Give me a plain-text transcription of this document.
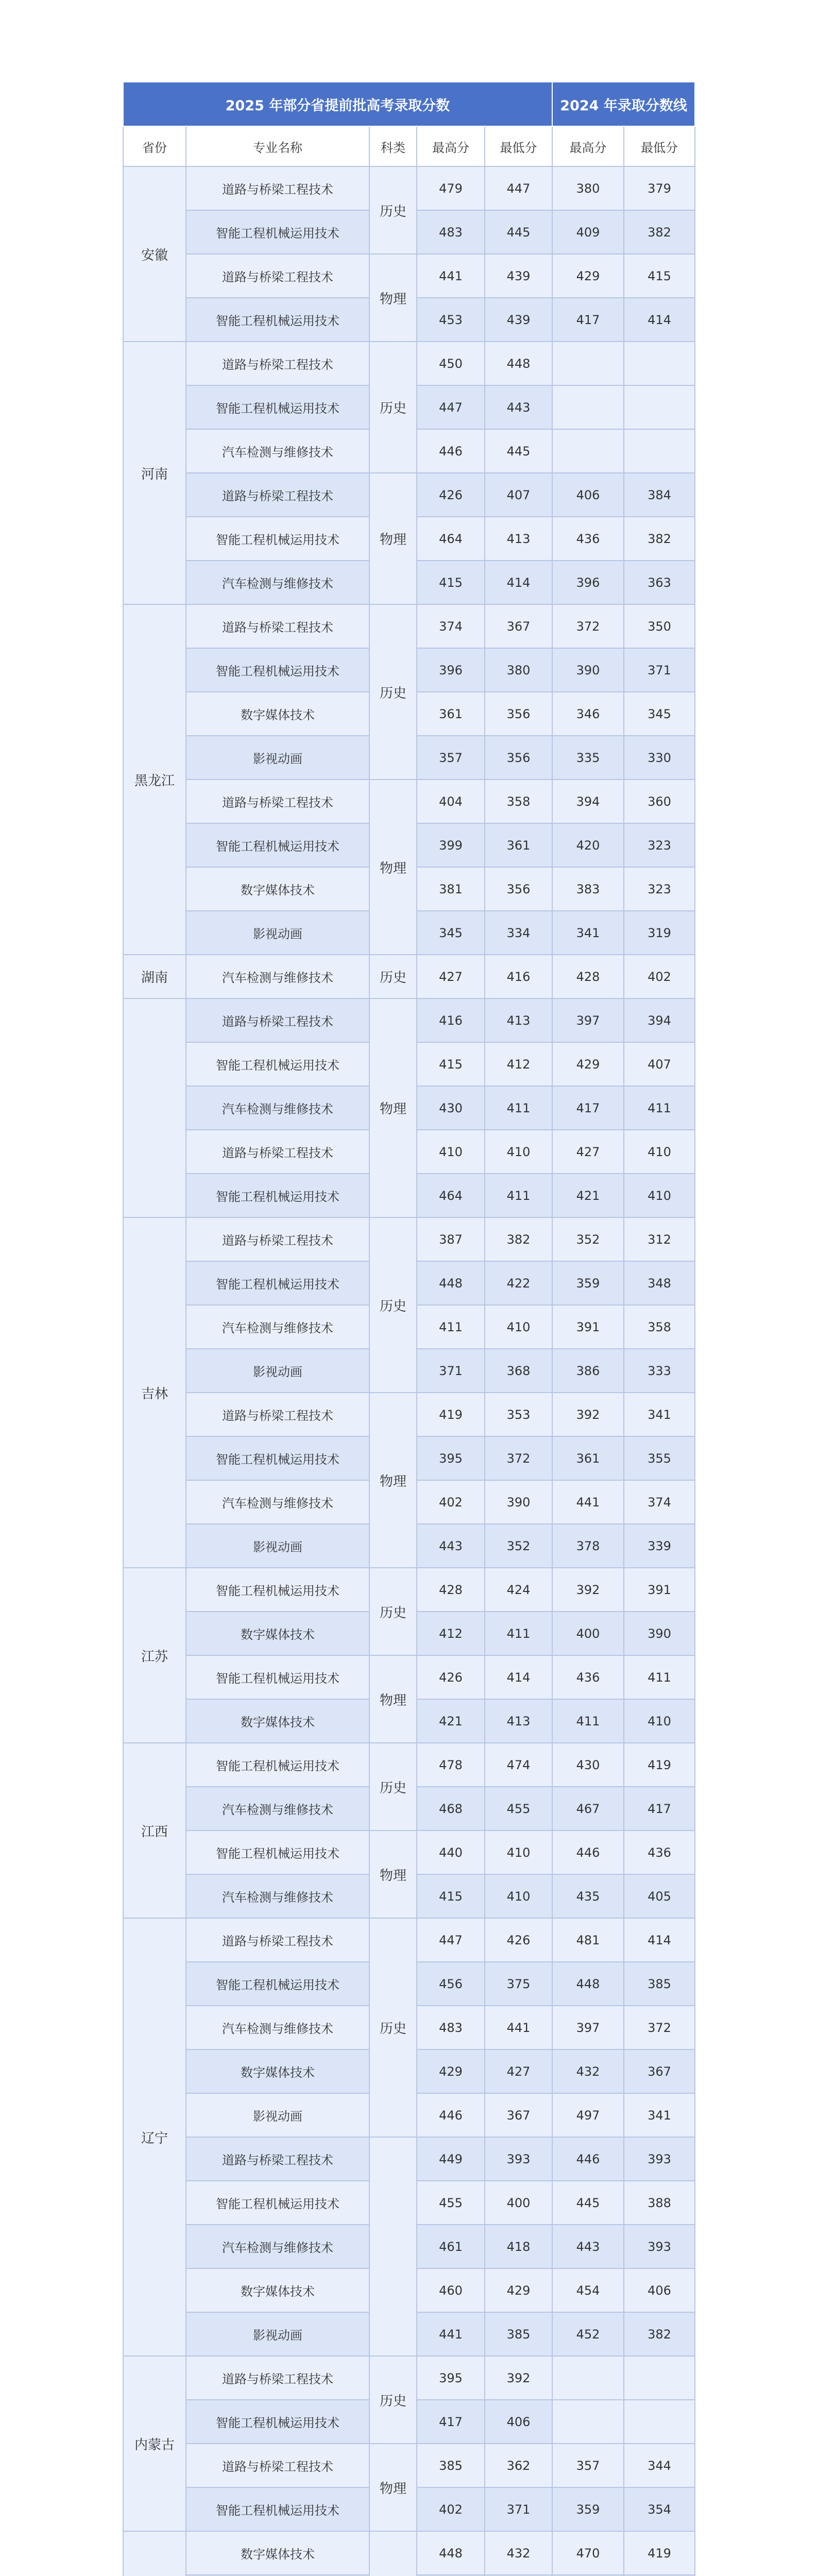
2025 年部分省提前批高考录取分数					2024 年录取分数线	
省份	专业名称	科类	最高分	最低分	最高分	最低分
安徽	道路与桥梁工程技术	历史	479	447	380	379
	智能工程机械运用技术		483	445	409	382
	道路与桥梁工程技术	物理	441	439	429	415
	智能工程机械运用技术		453	439	417	414
河南	道路与桥梁工程技术	历史	450	448		
	智能工程机械运用技术		447	443		
	汽车检测与维修技术		446	445		
	道路与桥梁工程技术	物理	426	407	406	384
	智能工程机械运用技术		464	413	436	382
	汽车检测与维修技术		415	414	396	363
黑龙江	道路与桥梁工程技术	历史	374	367	372	350
	智能工程机械运用技术		396	380	390	371
	数字媒体技术		361	356	346	345
	影视动画		357	356	335	330
	道路与桥梁工程技术	物理	404	358	394	360
	智能工程机械运用技术		399	361	420	323
	数字媒体技术		381	356	383	323
	影视动画		345	334	341	319
湖南	汽车检测与维修技术	历史	427	416	428	402
	道路与桥梁工程技术	物理	416	413	397	394
	智能工程机械运用技术		415	412	429	407
	汽车检测与维修技术		430	411	417	411
	道路与桥梁工程技术		410	410	427	410
	智能工程机械运用技术		464	411	421	410
吉林	道路与桥梁工程技术	历史	387	382	352	312
	智能工程机械运用技术		448	422	359	348
	汽车检测与维修技术		411	410	391	358
	影视动画		371	368	386	333
	道路与桥梁工程技术	物理	419	353	392	341
	智能工程机械运用技术		395	372	361	355
	汽车检测与维修技术		402	390	441	374
	影视动画		443	352	378	339
江苏	智能工程机械运用技术	历史	428	424	392	391
	数字媒体技术		412	411	400	390
	智能工程机械运用技术	物理	426	414	436	411
	数字媒体技术		421	413	411	410
江西	智能工程机械运用技术	历史	478	474	430	419
	汽车检测与维修技术		468	455	467	417
	智能工程机械运用技术	物理	440	410	446	436
	汽车检测与维修技术		415	410	435	405
辽宁	道路与桥梁工程技术	历史	447	426	481	414
	智能工程机械运用技术		456	375	448	385
	汽车检测与维修技术		483	441	397	372
	数字媒体技术		429	427	432	367
	影视动画		446	367	497	341
	道路与桥梁工程技术		449	393	446	393
	智能工程机械运用技术		455	400	445	388
	汽车检测与维修技术		461	418	443	393
	数字媒体技术		460	429	454	406
	影视动画		441	385	452	382
内蒙古	道路与桥梁工程技术	历史	395	392		
	智能工程机械运用技术		417	406		
	道路与桥梁工程技术	物理	385	362	357	344
	智能工程机械运用技术		402	371	359	354
	数字媒体技术		448	432	470	419
